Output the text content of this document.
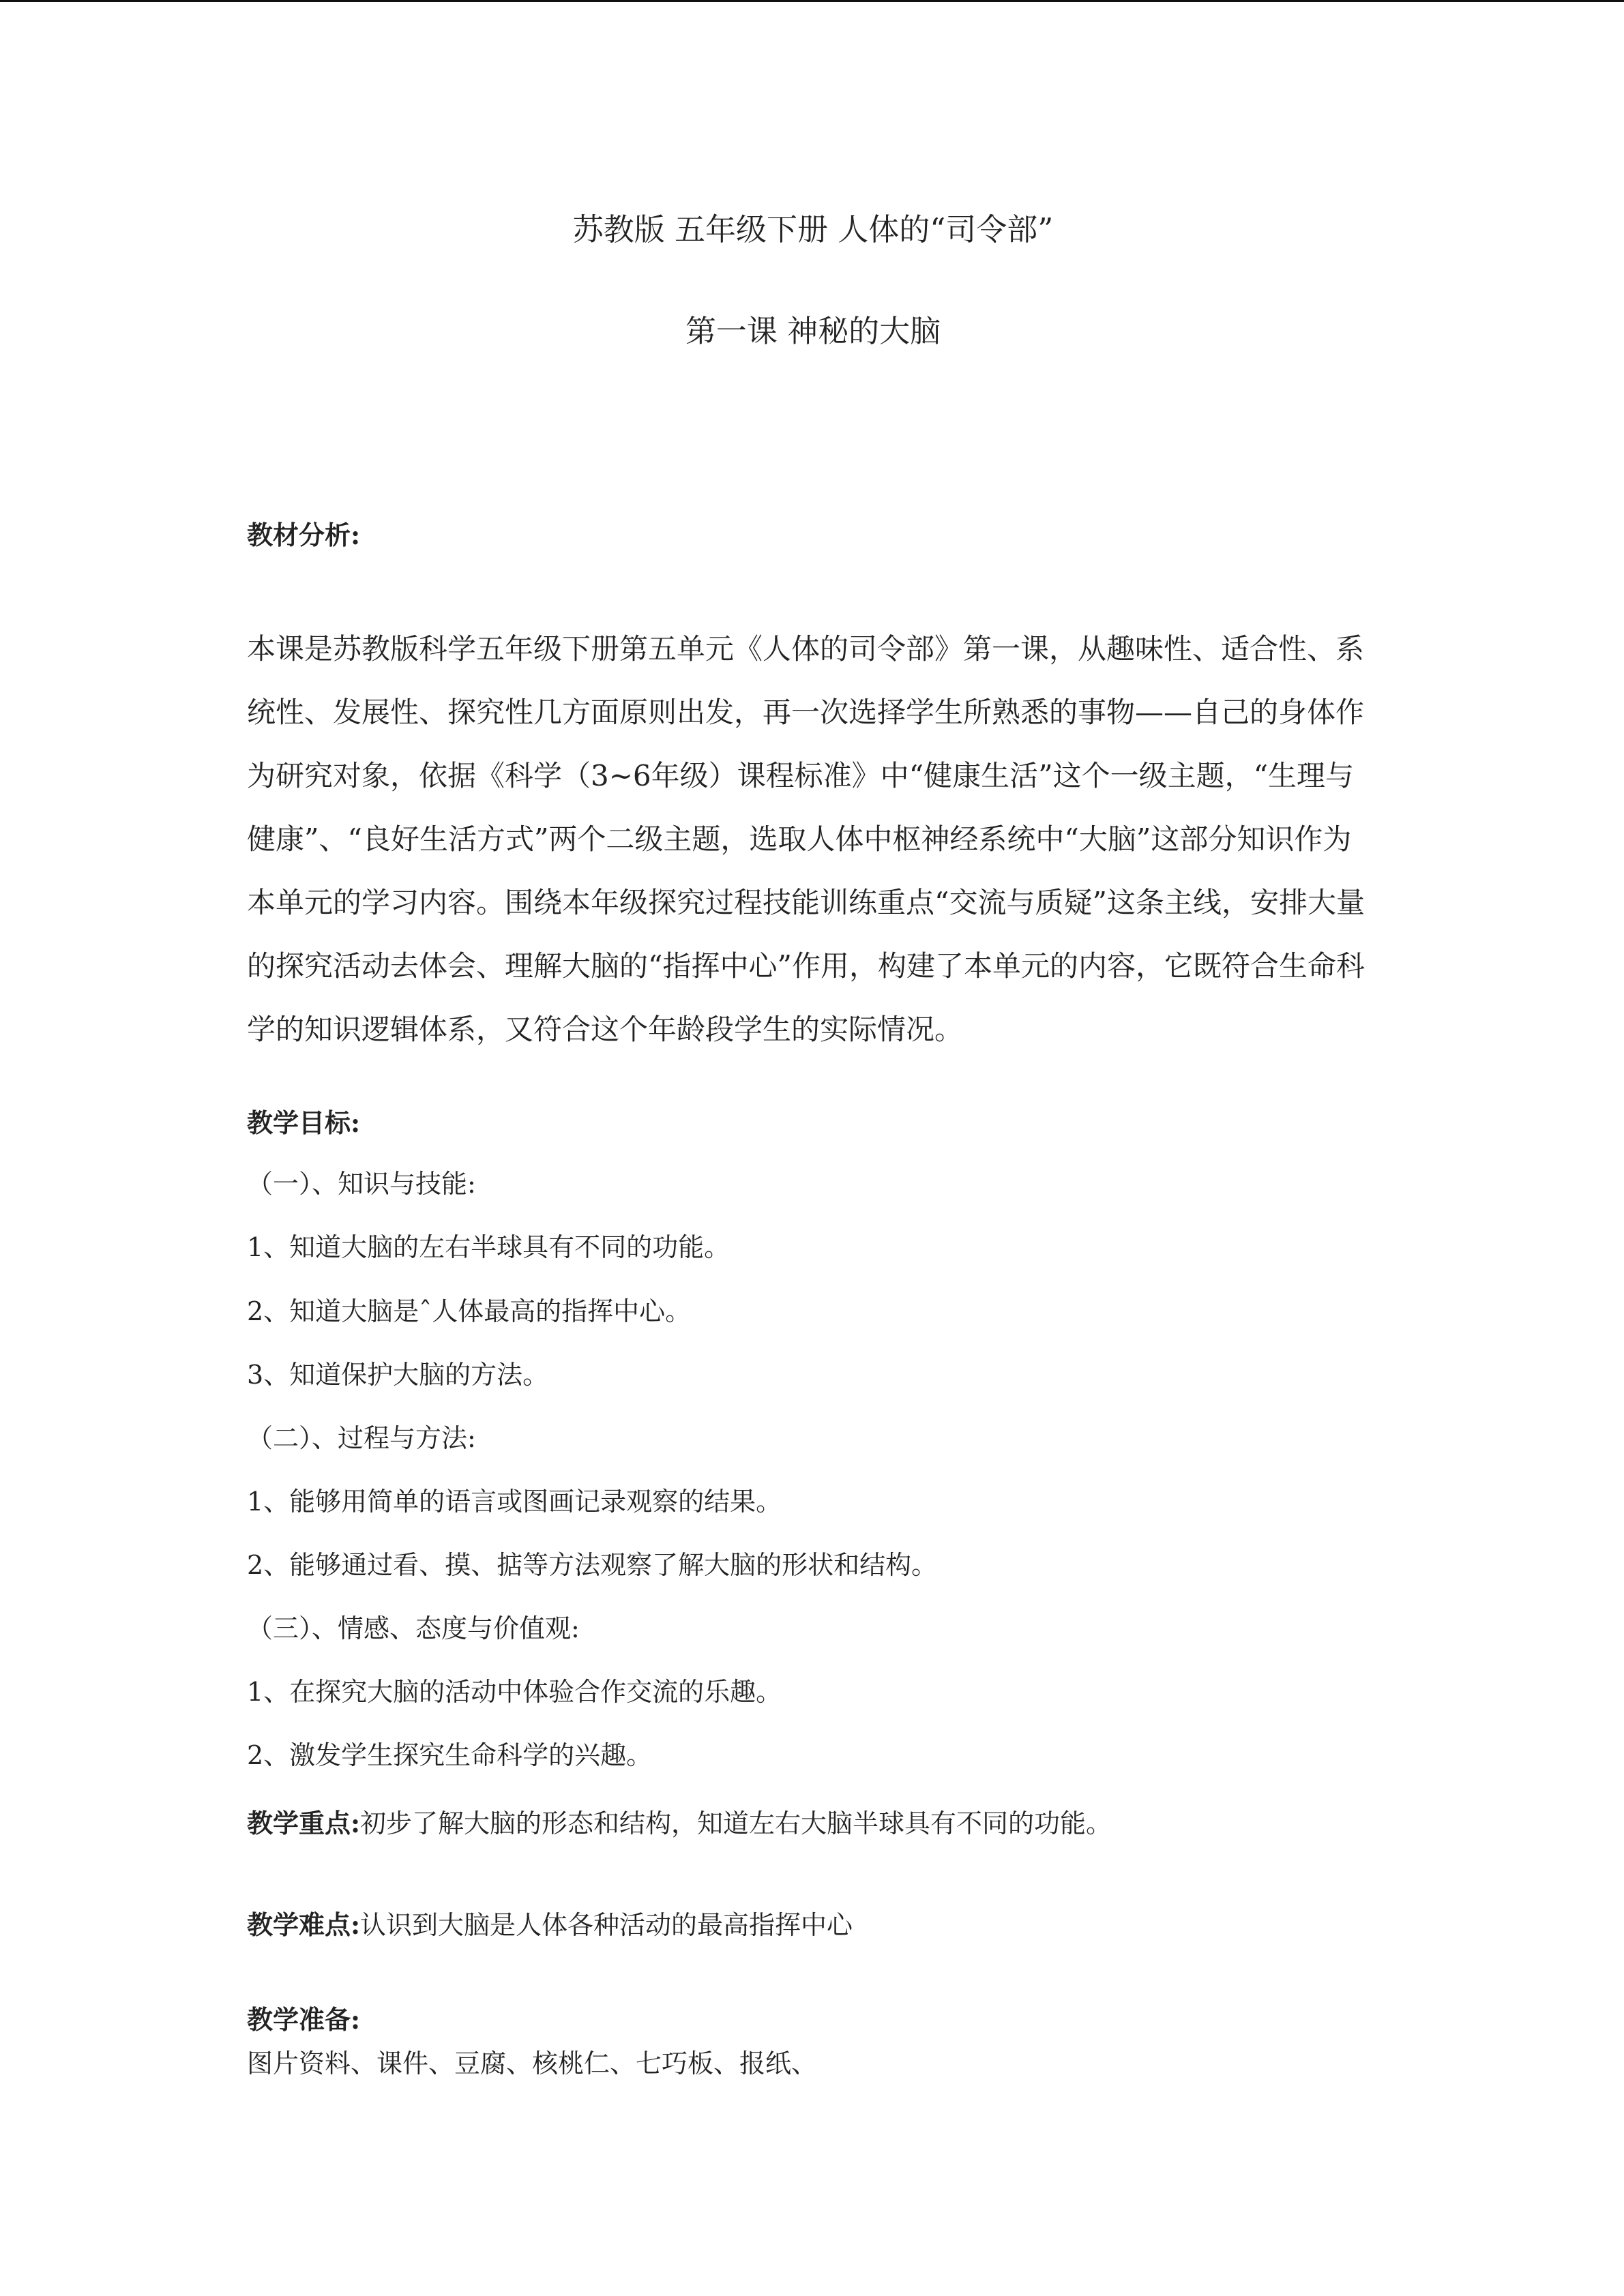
苏教版 五年级下册 人体的“司令部”
第一课 神秘的大脑
教材分析:
本课是苏教版科学五年级下册第五单元《人体的司令部》第一课，从趣味性、适合性、系统性、发展性、探究性几方面原则出发，再一次选择学生所熟悉的事物——自己的身体作为研究对象，依据《科学（3~6年级）课程标准》中“健康生活”这个一级主题，“生理与健康”、“良好生活方式”两个二级主题，选取人体中枢神经系统中“大脑”这部分知识作为本单元的学习内容。围绕本年级探究过程技能训练重点“交流与质疑”这条主线，安排大量的探究活动去体会、理解大脑的“指挥中心”作用，构建了本单元的内容，它既符合生命科学的知识逻辑体系，又符合这个年龄段学生的实际情况。
教学目标:
（一）、知识与技能:
1、知道大脑的左右半球具有不同的功能。
2、知道大脑是ˆ人体最高的指挥中心。
3、知道保护大脑的方法。
（二）、过程与方法:
1、能够用简单的语言或图画记录观察的结果。
2、能够通过看、摸、掂等方法观察了解大脑的形状和结构。
（三）、情感、态度与价值观:
1、在探究大脑的活动中体验合作交流的乐趣。
2、激发学生探究生命科学的兴趣。
教学重点:初步了解大脑的形态和结构，知道左右大脑半球具有不同的功能。
教学难点:认识到大脑是人体各种活动的最高指挥中心
教学准备:
图片资料、课件、豆腐、核桃仁、七巧板、报纸、
